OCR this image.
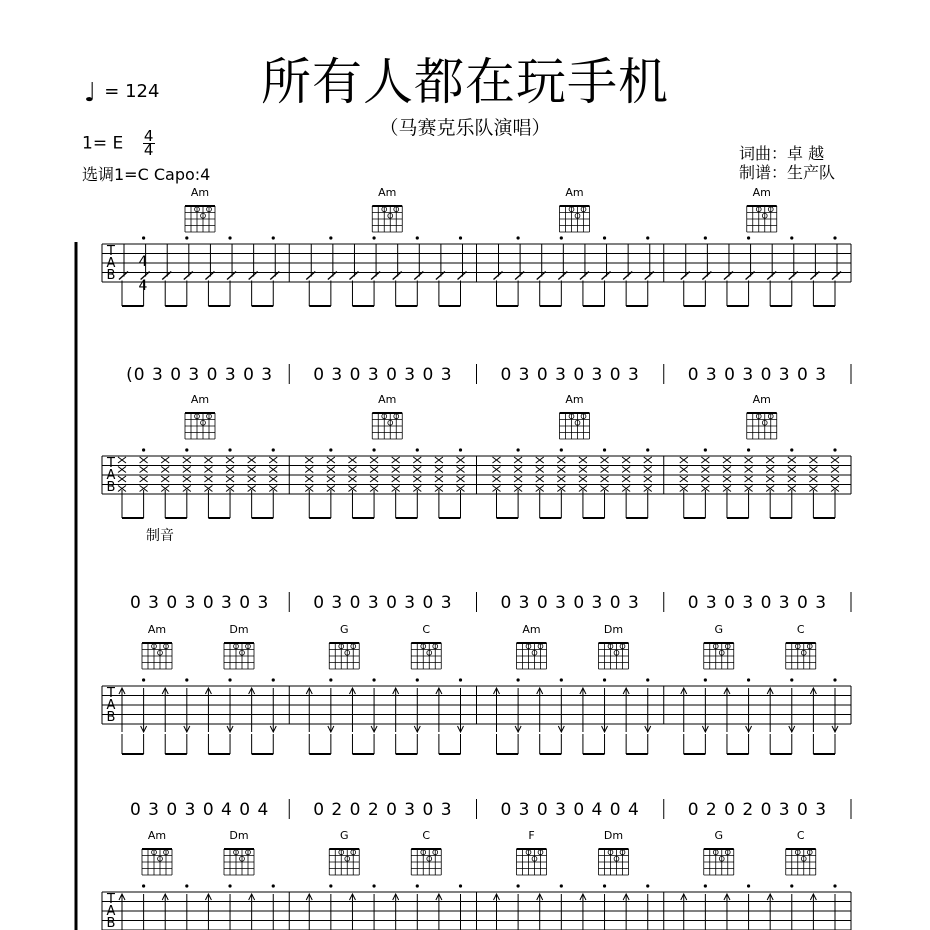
所有人都在玩手机
（马赛克乐队演唱）
♩ = 124
1= E $\frac{4}{4}$
选调1=C Capo:4
词曲：卓 越
制谱：生产队
T
A
B
4
4
Am
(0 3 0 3 0 3 0 3
Am
0 3 0 3 0 3 0 3
Am
0 3 0 3 0 3 0 3
Am
0 3 0 3 0 3 0 3
T
A
B
制音
Am
0 3 0 3 0 3 0 3
Am
0 3 0 3 0 3 0 3
Am
0 3 0 3 0 3 0 3
Am
0 3 0 3 0 3 0 3
T
A
B
Am	Dm
0 3 0 3 0 4 0 4
G	C
0 2 0 2 0 3 0 3
Am	Dm
0 3 0 3 0 4 0 4
G	C
0 2 0 2 0 3 0 3
T
A
B
Am	Dm	G	C	F	Dm	G	C
